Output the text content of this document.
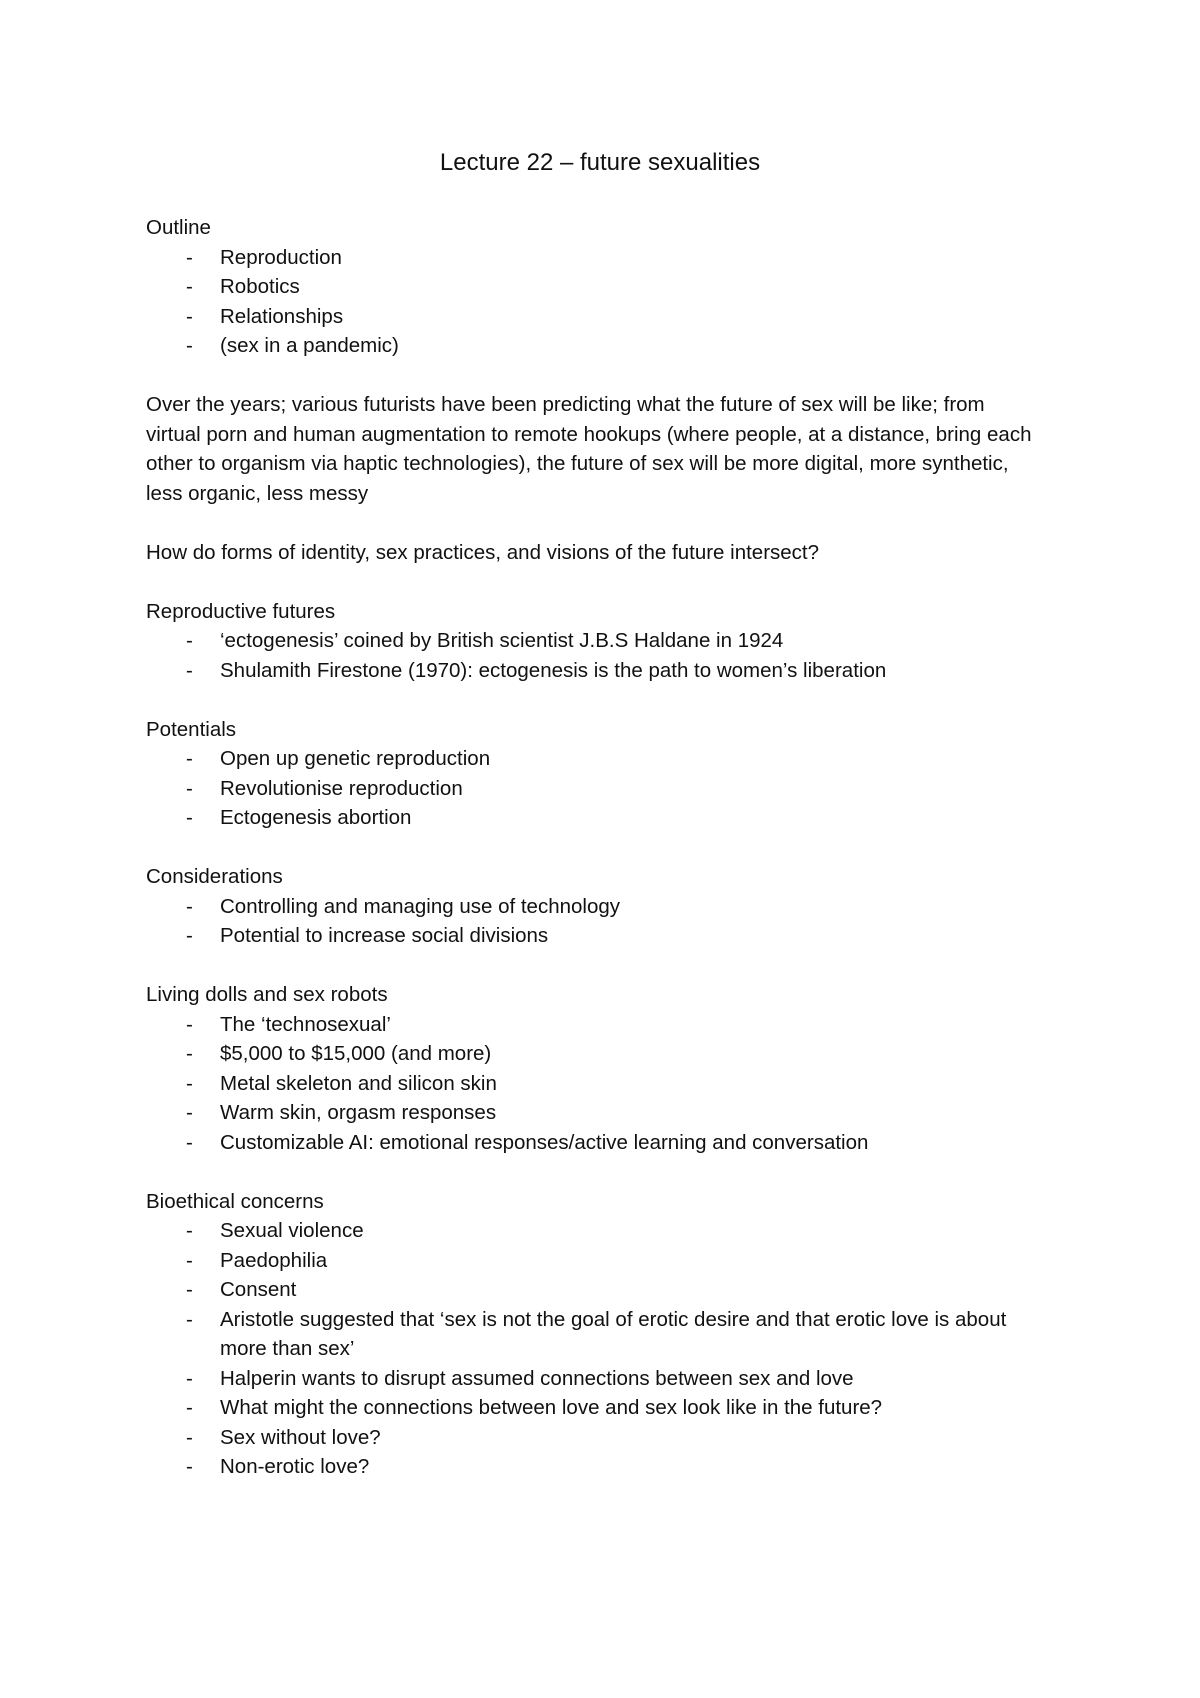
Lecture 22 – future sexualities

Outline

- Reproduction
- Robotics
- Relationships
- (sex in a pandemic)

Over the years; various futurists have been predicting what the future of sex will be like; from virtual porn and human augmentation to remote hookups (where people, at a distance, bring each other to organism via haptic technologies), the future of sex will be more digital, more synthetic, less organic, less messy

How do forms of identity, sex practices, and visions of the future intersect?

Reproductive futures

- ‘ectogenesis’ coined by British scientist J.B.S Haldane in 1924
- Shulamith Firestone (1970): ectogenesis is the path to women’s liberation

Potentials

- Open up genetic reproduction
- Revolutionise reproduction
- Ectogenesis abortion

Considerations

- Controlling and managing use of technology
- Potential to increase social divisions

Living dolls and sex robots

- The ‘technosexual’
- $5,000 to $15,000 (and more)
- Metal skeleton and silicon skin
- Warm skin, orgasm responses
- Customizable AI: emotional responses/active learning and conversation

Bioethical concerns

- Sexual violence
- Paedophilia
- Consent
- Aristotle suggested that ‘sex is not the goal of erotic desire and that erotic love is about more than sex’
- Halperin wants to disrupt assumed connections between sex and love
- What might the connections between love and sex look like in the future?
- Sex without love?
- Non-erotic love?
